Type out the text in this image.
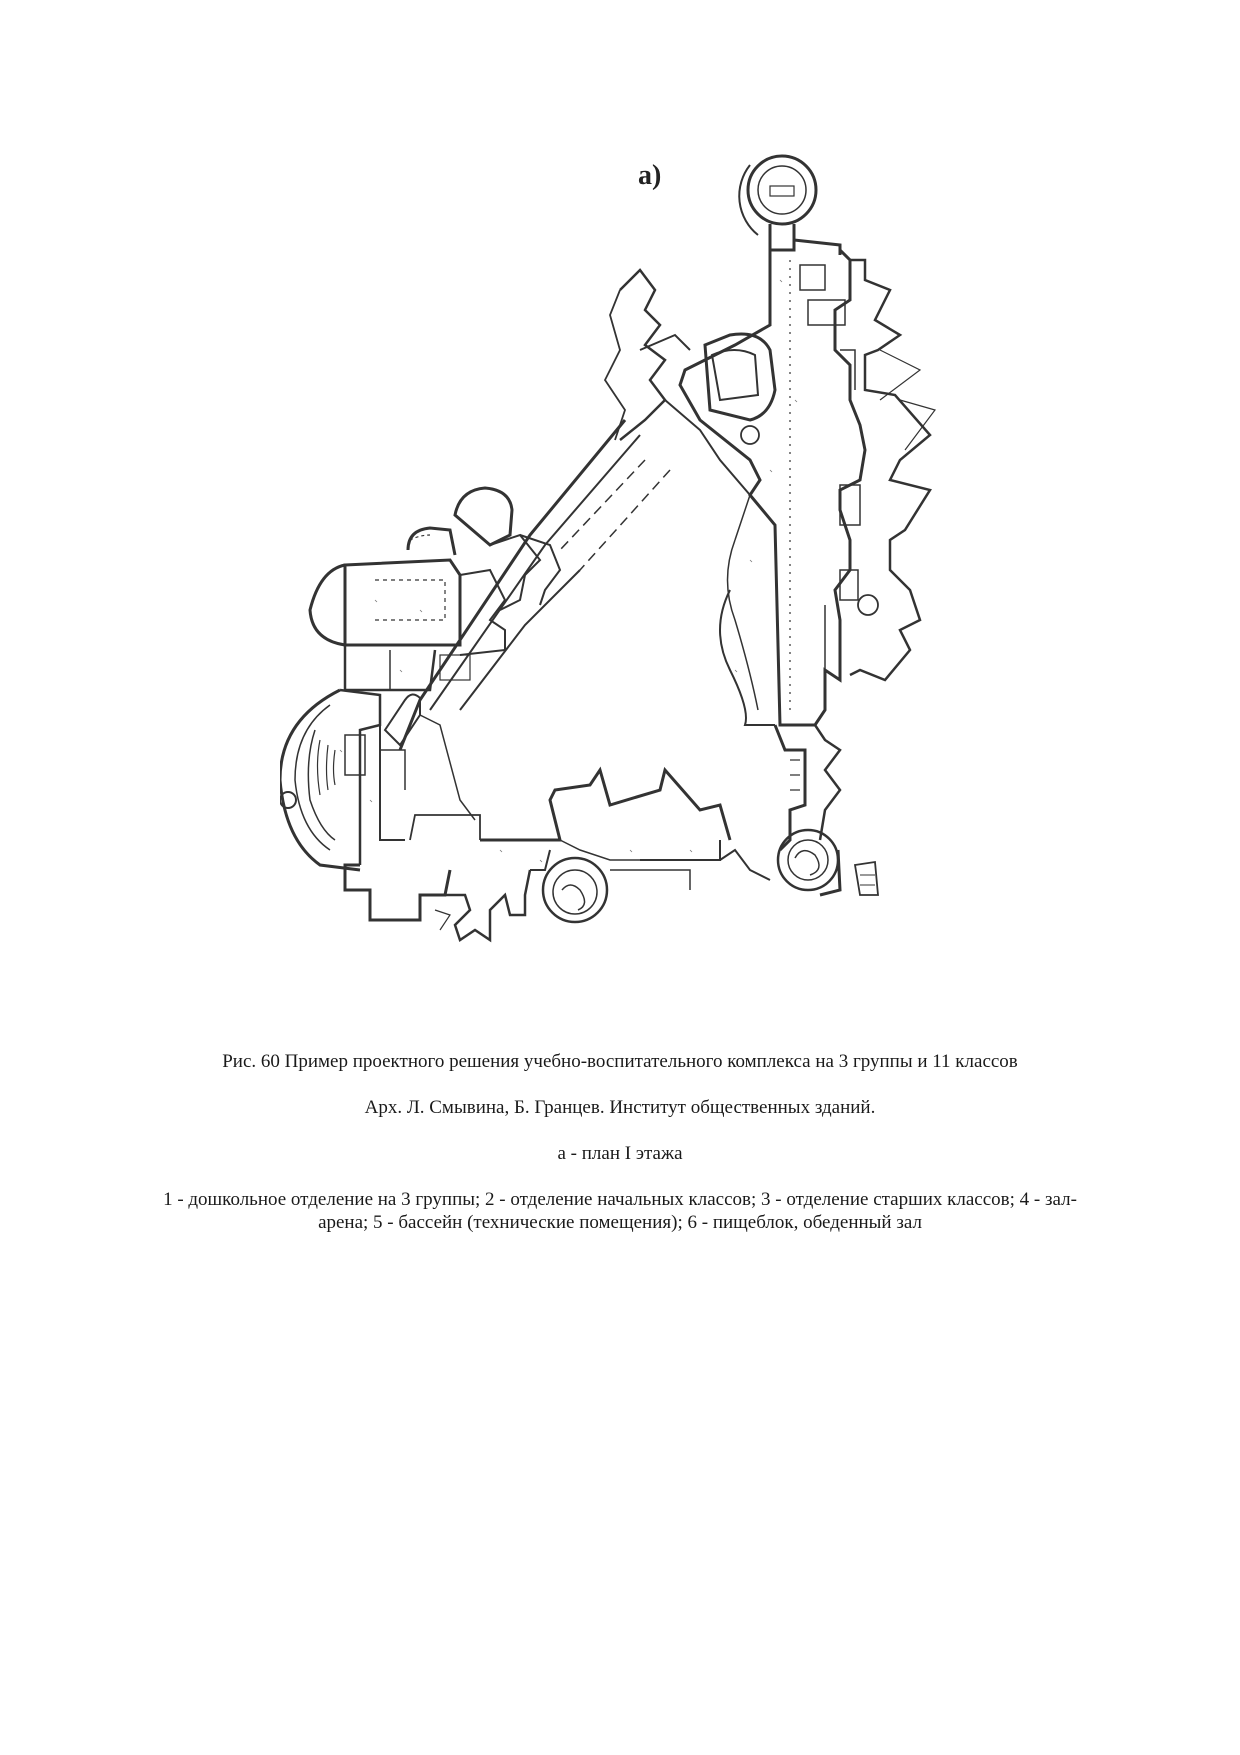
а)

Рис. 60 Пример проектного решения учебно-воспитательного комплекса на 3 группы и 11 классов

Арх. Л. Смывина, Б. Гранцев. Институт общественных зданий.

а - план I этажа

1 - дошкольное отделение на 3 группы; 2 - отделение начальных классов; 3 - отделение старших классов; 4 - зал-арена; 5 - бассейн (технические помещения); 6 - пищеблок, обеденный зал
